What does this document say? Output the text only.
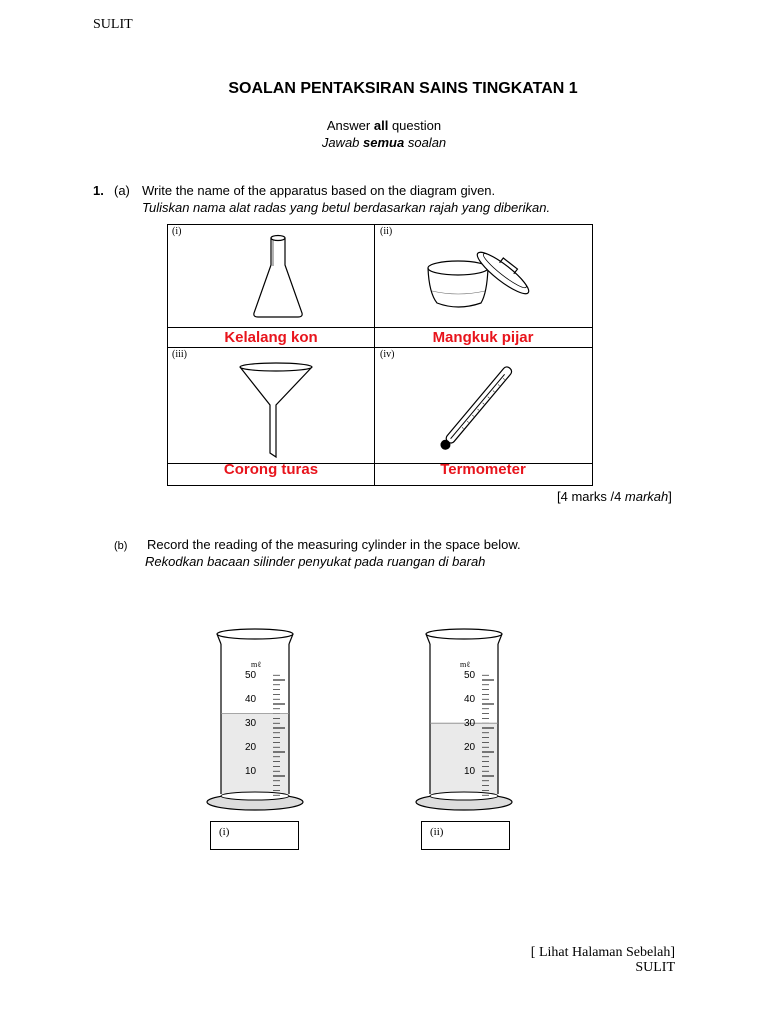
SULIT
SOALAN PENTAKSIRAN SAINS TINGKATAN 1
Answer all question
Jawab semua soalan
1. (a) Write the name of the apparatus based on the diagram given.
Tuliskan nama alat radas yang betul berdasarkan rajah yang diberikan.
(i)
Kelalang kon
(ii)
Mangkuk pijar
(iii)
Corong turas
(iv)
Termometer
[4 marks /4 markah]
(b) Record the reading of the measuring cylinder in the space below.
Rekodkan bacaan silinder penyukat pada ruangan di barah
mℓ
50
40
30
20
10
(i)
mℓ
50
40
30
20
10
(ii)
[ Lihat Halaman Sebelah]
SULIT
